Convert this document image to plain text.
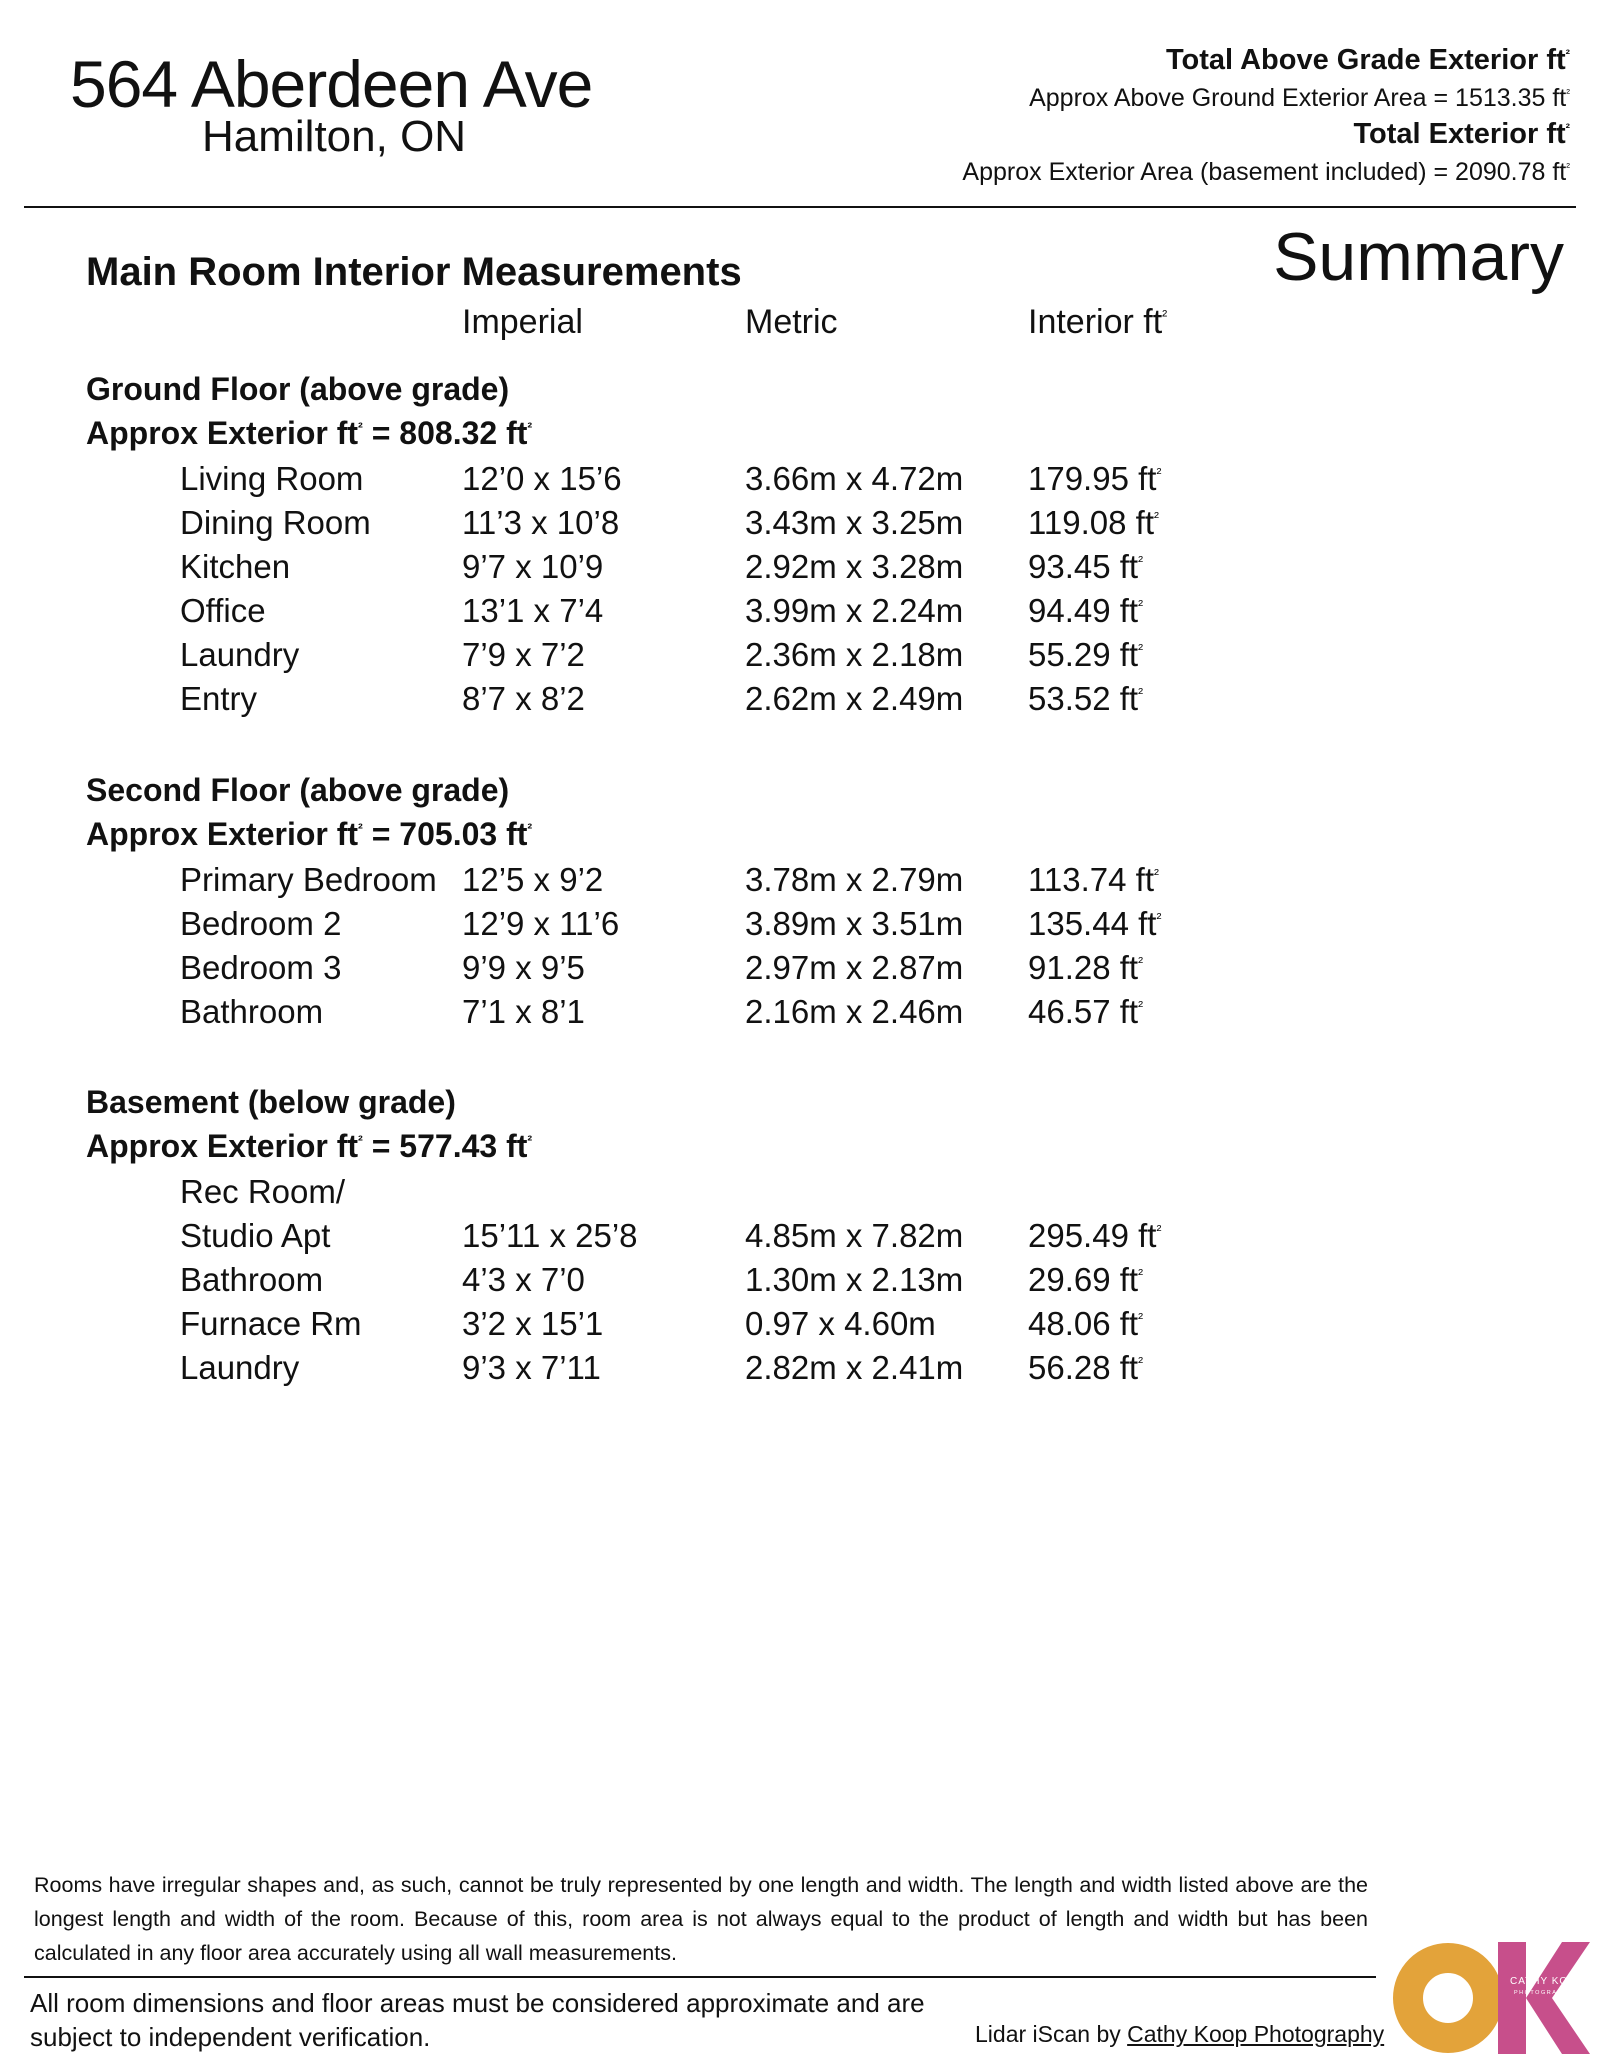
564 Aberdeen Ave
Hamilton, ON
Total Above Grade Exterior $ft^{^2}$
Approx Above Ground Exterior Area = 1513.35 $ft^{^2}$
Total Exterior $ft^{^2}$
Approx Exterior Area (basement included) = 2090.78 $ft^{^2}$
Summary
Main Room Interior Measurements
Imperial	Metric	Interior $ft^{^2}$
Ground Floor (above grade)
Approx Exterior $ft^{^2} = 808.32$ $ft^{^2}$
Living Room	12’0 x 15’6	3.66m x 4.72m 179.95 $ft^{^2}$
Dining Room	11’3 x 10’8	3.43m x 3.25m 119.08 $ft^{^2}$
Kitchen	9’7 x 10’9	2.92m x 3.28m 93.45 $ft^{^2}$
Office	13’1 x 7’4	3.99m x 2.24m 94.49 $ft^{^2}$
Laundry	7’9 x 7’2	2.36m x 2.18m 55.29 $ft^{^2}$
Entry	8’7 x 8’2	2.62m x 2.49m 53.52 $ft^{^2}$
Second Floor (above grade)
Approx Exterior $ft^{^2} = 705.03$ $ft^{^2}$
Primary Bedroom 12’5 x 9’2	3.78m x 2.79m 113.74 $ft^{^2}$
Bedroom 2	12’9 x 11’6	3.89m x 3.51m 135.44 $ft^{^2}$
Bedroom 3	9’9 x 9’5	2.97m x 2.87m 91.28 $ft^{^2}$
Bathroom	7’1 x 8’1	2.16m x 2.46m 46.57 $ft^{^2}$
Basement (below grade)
Approx Exterior $ft^{^2} = 577.43$ $ft^{^2}$
Rec Room/
Studio Apt	15’11 x 25’8	4.85m x 7.82m 295.49 $ft^{^2}$
Bathroom	4’3 x 7’0	1.30m x 2.13m 29.69 $ft^{^2}$
Furnace Rm	3’2 x 15’1	0.97 x 4.60m	48.06 $ft^{^2}$
Laundry	9’3 x 7’11	2.82m x 2.41m 56.28 $ft^{^2}$
Rooms have irregular shapes and, as such, cannot be truly represented by one length and width. The length and width listed above are the longest length and width of the room. Because of this, room area is not always equal to the product of length and width but has been calculated in any floor area accurately using all wall measurements.
All room dimensions and floor areas must be considered approximate and are subject to independent verification.	Lidar iScan by Cathy Koop Photography
CATHY KOOP
PHOTOGRAPHY
